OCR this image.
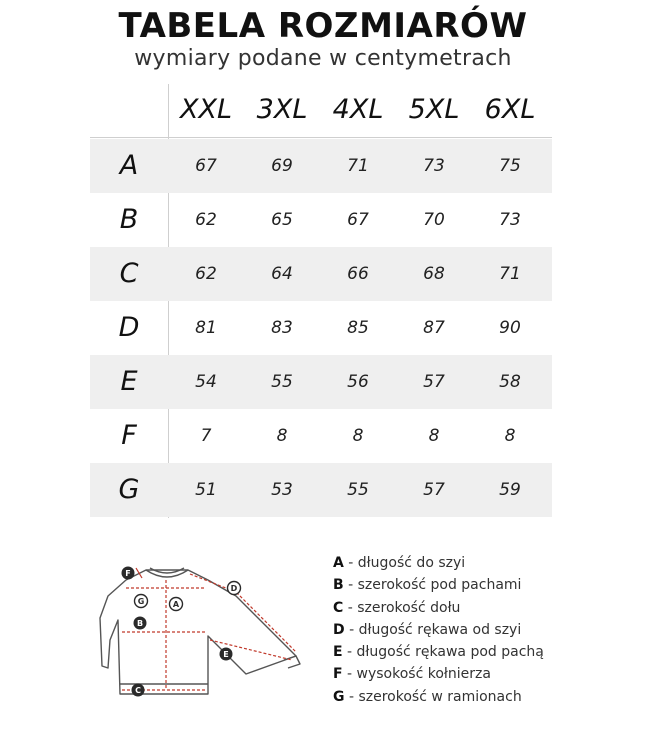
TABELA ROZMIARÓW
wymiary podane w centymetrach
XXL 3XL 4XL 5XL 6XL
A	67	69	71	73	75
B	62	65	67	70	73
C	62	64	66	68	71
D	81	83	85	87	90
E	54	55	56	57	58
F	7	8	8	8	8
G	51	53	55	57	59
F
G	A
B
D
E
C
A - długość do szyi
B - szerokość pod pachami
C - szerokość dołu
D - długość rękawa od szyi
E - długość rękawa pod pachą
F - wysokość kołnierza
G - szerokość w ramionach
